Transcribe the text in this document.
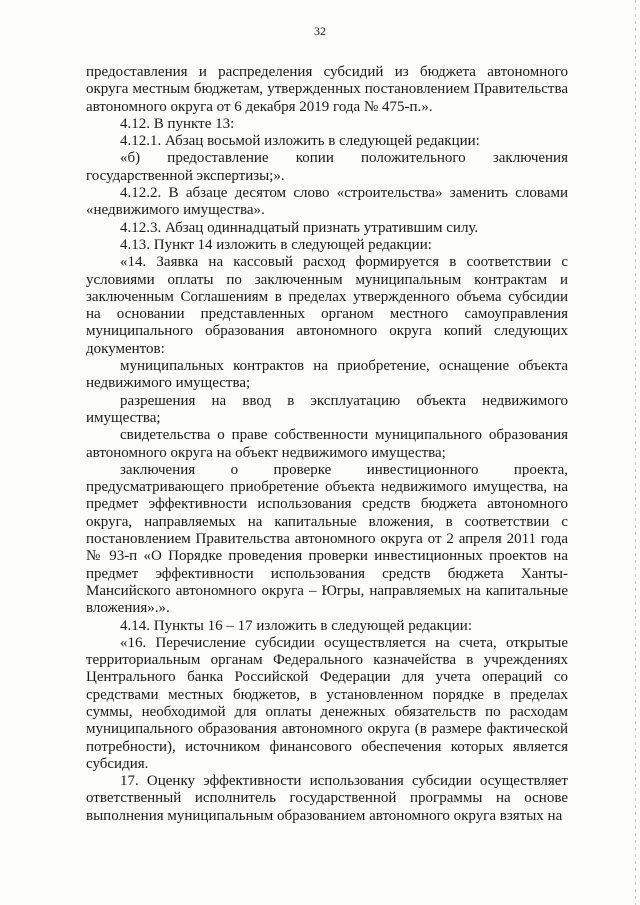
32

предоставления и распределения субсидий из бюджета автономного округа местным бюджетам, утвержденных постановлением Правительства автономного округа от 6 декабря 2019 года № 475-п.».

4.12. В пункте 13:

4.12.1. Абзац восьмой изложить в следующей редакции:

«б) предоставление копии положительного заключения государственной экспертизы;».

4.12.2. В абзаце десятом слово «строительства» заменить словами «недвижимого имущества».

4.12.3. Абзац одиннадцатый признать утратившим силу.

4.13. Пункт 14 изложить в следующей редакции:

«14. Заявка на кассовый расход формируется в соответствии с условиями оплаты по заключенным муниципальным контрактам и заключенным Соглашениям в пределах утвержденного объема субсидии на основании представленных органом местного самоуправления муниципального образования автономного округа копий следующих документов:

муниципальных контрактов на приобретение, оснащение объекта недвижимого имущества;

разрешения на ввод в эксплуатацию объекта недвижимого имущества;

свидетельства о праве собственности муниципального образования автономного округа на объект недвижимого имущества;

заключения о проверке инвестиционного проекта, предусматривающего приобретение объекта недвижимого имущества, на предмет эффективности использования средств бюджета автономного округа, направляемых на капитальные вложения, в соответствии с постановлением Правительства автономного округа от 2 апреля 2011 года № 93-п «О Порядке проведения проверки инвестиционных проектов на предмет эффективности использования средств бюджета Ханты-Мансийского автономного округа – Югры, направляемых на капитальные вложения».».

4.14. Пункты 16 – 17 изложить в следующей редакции:

«16. Перечисление субсидии осуществляется на счета, открытые территориальным органам Федерального казначейства в учреждениях Центрального банка Российской Федерации для учета операций со средствами местных бюджетов, в установленном порядке в пределах суммы, необходимой для оплаты денежных обязательств по расходам муниципального образования автономного округа (в размере фактической потребности), источником финансового обеспечения которых является субсидия.

17. Оценку эффективности использования субсидии осуществляет ответственный исполнитель государственной программы на основе выполнения муниципальным образованием автономного округа взятых на
